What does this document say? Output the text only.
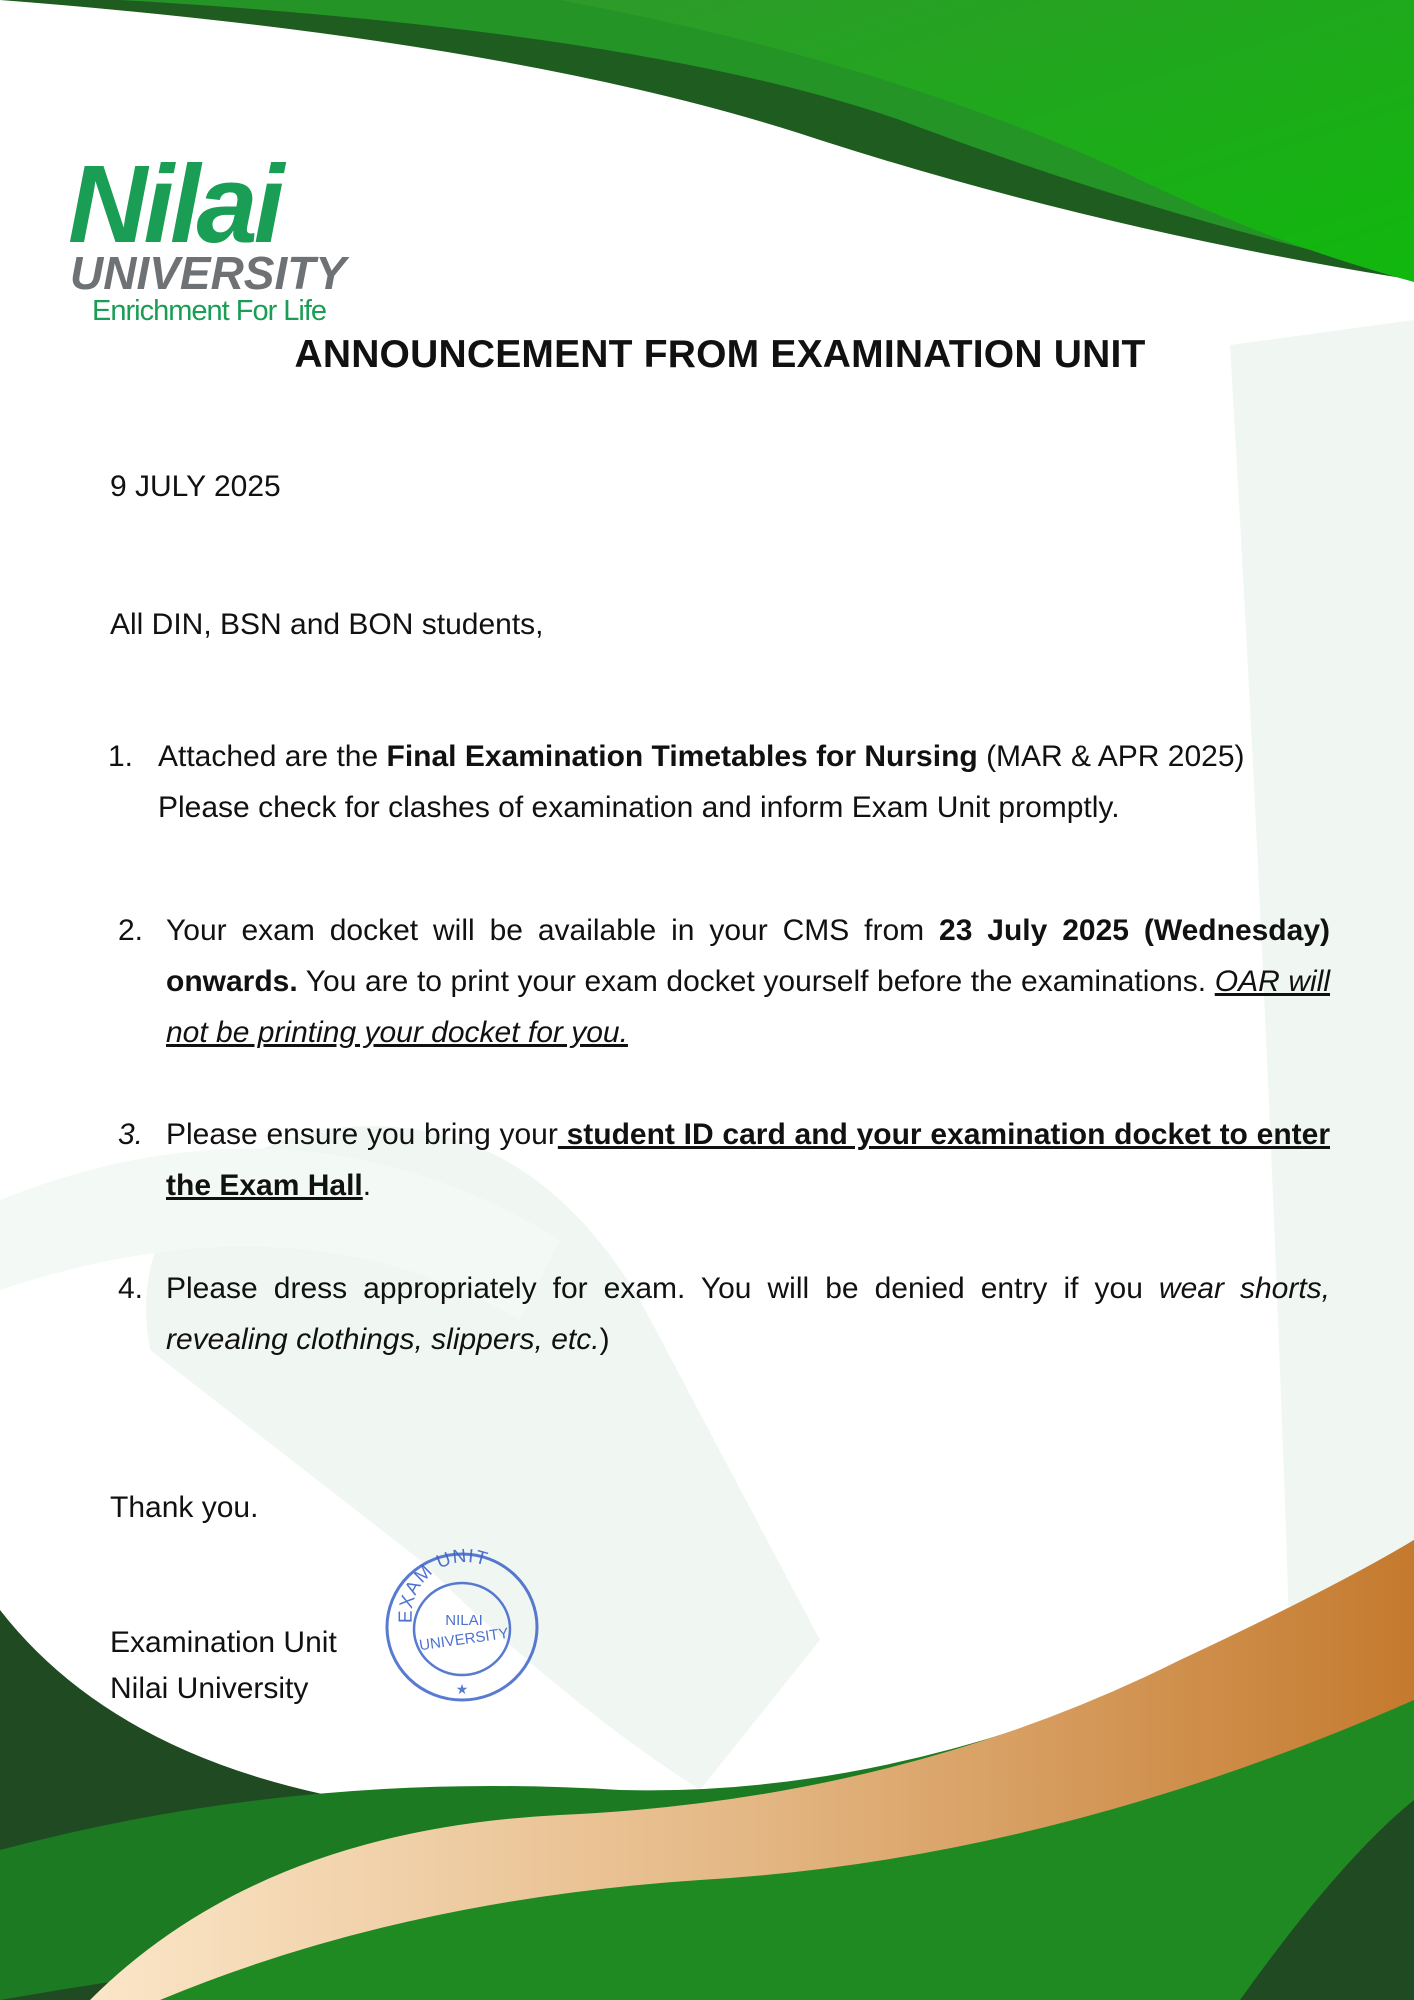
Nilai
UNIVERSITY
Enrichment For Life
ANNOUNCEMENT FROM EXAMINATION UNIT
9 JULY 2025
All DIN, BSN and BON students,
1. Attached are the Final Examination Timetables for Nursing (MAR & APR 2025) Please check for clashes of examination and inform Exam Unit promptly.
2. Your exam docket will be available in your CMS from 23 July 2025 (Wednesday) onwards. You are to print your exam docket yourself before the examinations. OAR will not be printing your docket for you.
3. Please ensure you bring your student ID card and your examination docket to enter the Exam Hall.
4. Please dress appropriately for exam. You will be denied entry if you wear shorts, revealing clothings, slippers, etc.)
Thank you.
Examination Unit
Nilai University
EXAM UNIT
NILAI
UNIVERSITY
★
